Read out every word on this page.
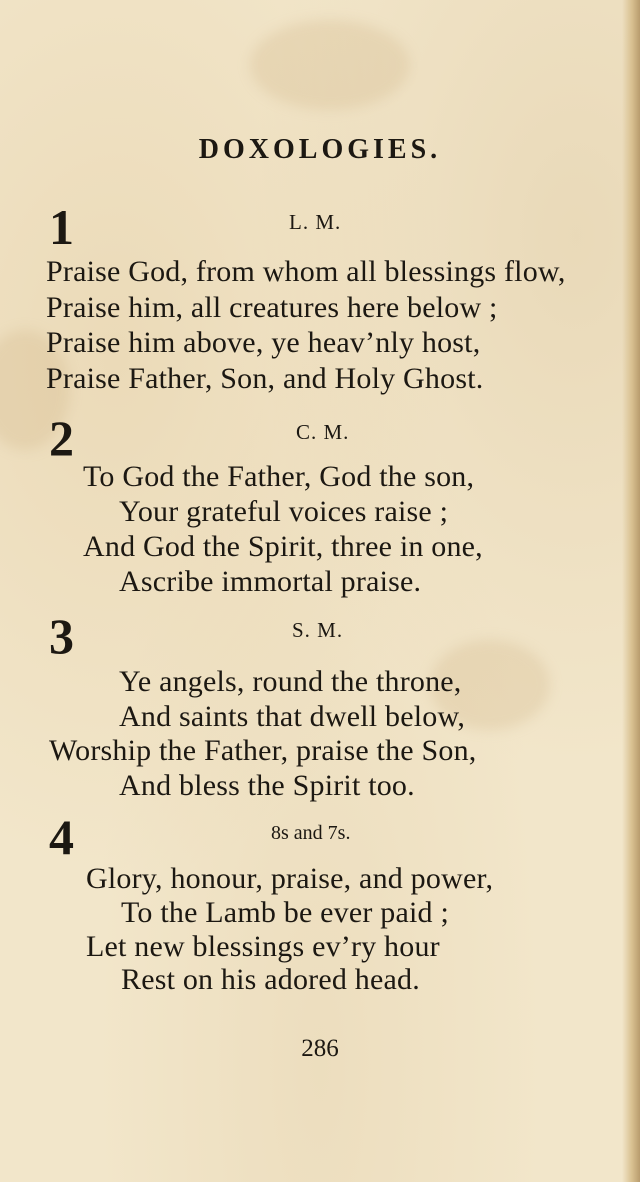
DOXOLOGIES.
1	L. M.
Praise God, from whom all blessings flow,
Praise him, all creatures here below ;
Praise him above, ye heav’nly host,
Praise Father, Son, and Holy Ghost.
2	C. M.
To God the Father, God the son,
Your grateful voices raise ;
And God the Spirit, three in one,
Ascribe immortal praise.
3	S. M.
Ye angels, round the throne,
And saints that dwell below,
Worship the Father, praise the Son,
And bless the Spirit too.
4	8s and 7s.
Glory, honour, praise, and power,
To the Lamb be ever paid ;
Let new blessings ev’ry hour
Rest on his adored head.
286
